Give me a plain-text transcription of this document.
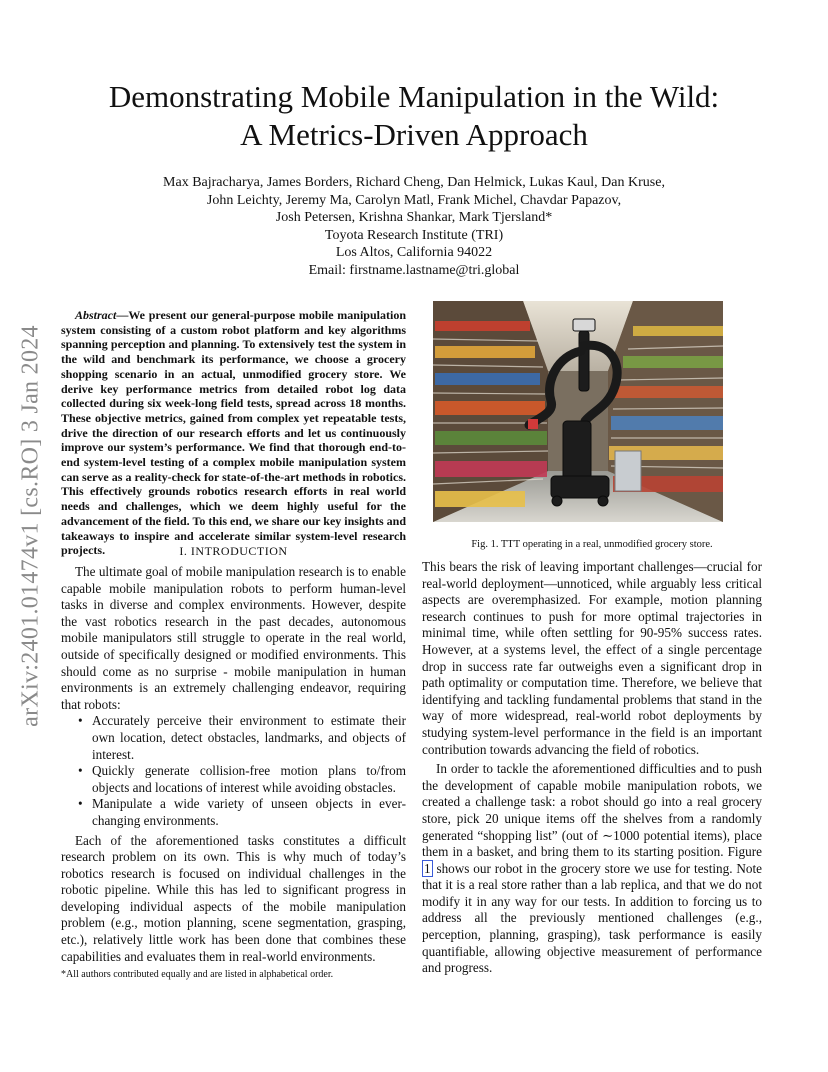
arXiv:2401.01474v1 [cs.RO] 3 Jan 2024
Demonstrating Mobile Manipulation in the Wild:
A Metrics-Driven Approach
Max Bajracharya, James Borders, Richard Cheng, Dan Helmick, Lukas Kaul, Dan Kruse,
John Leichty, Jeremy Ma, Carolyn Matl, Frank Michel, Chavdar Papazov,
Josh Petersen, Krishna Shankar, Mark Tjersland*
Toyota Research Institute (TRI)
Los Altos, California 94022
Email: firstname.lastname@tri.global
Abstract—We present our general-purpose mobile manipulation system consisting of a custom robot platform and key algorithms spanning perception and planning. To extensively test the system in the wild and benchmark its performance, we choose a grocery shopping scenario in an actual, unmodified grocery store. We derive key performance metrics from detailed robot log data collected during six week-long field tests, spread across 18 months. These objective metrics, gained from complex yet repeatable tests, drive the direction of our research efforts and let us continuously improve our system’s performance. We find that thorough end-to-end system-level testing of a complex mobile manipulation system can serve as a reality-check for state-of-the-art methods in robotics. This effectively grounds robotics research efforts in real world needs and challenges, which we deem highly useful for the advancement of the field. To this end, we share our key insights and takeaways to inspire and accelerate similar system-level research projects.	I. INTRODUCTION

The ultimate goal of mobile manipulation research is to enable capable mobile manipulation robots to perform human-level tasks in diverse and complex environments. However, despite the vast robotics research in the past decades, autonomous mobile manipulators still struggle to operate in the real world, outside of specifically designed or modified environments. This should come as no surprise - mobile manipulation in human environments is an extremely challenging endeavor, requiring that robots:

• Accurately perceive their environment to estimate their own location, detect obstacles, landmarks, and objects of interest.
• Quickly generate collision-free motion plans to/from objects and locations of interest while avoiding obstacles.
• Manipulate a wide variety of unseen objects in ever-changing environments.

Each of the aforementioned tasks constitutes a difficult research problem on its own. This is why much of today’s robotics research is focused on individual challenges in the robotic pipeline. While this has led to significant progress in developing individual aspects of the mobile manipulation problem (e.g., motion planning, scene segmentation, grasping, etc.), relatively little work has been done that combines these capabilities and evaluates them in real-world environments.

*All authors contributed equally and are listed in alphabetical order.
Fig. 1. TTT operating in a real, unmodified grocery store.

This bears the risk of leaving important challenges—crucial for real-world deployment—unnoticed, while arguably less critical aspects are overemphasized. For example, motion planning research continues to push for more optimal trajectories in minimal time, while often settling for 90-95% success rates. However, at a systems level, the effect of a single percentage drop in success rate far outweighs even a significant drop in path optimality or computation time. Therefore, we believe that identifying and tackling fundamental problems that stand in the way of more widespread, real-world robot deployments by studying system-level performance in the field is an important contribution towards advancing the field of robotics.

In order to tackle the aforementioned difficulties and to push the development of capable mobile manipulation robots, we created a challenge task: a robot should go into a real grocery store, pick 20 unique items off the shelves from a randomly generated “shopping list” (out of ∼1000 potential items), place them in a basket, and bring them to its starting position. Figure 1 shows our robot in the grocery store we use for testing. Note that it is a real store rather than a lab replica, and that we do not modify it in any way for our tests. In addition to forcing us to address all the previously mentioned challenges (e.g., perception, planning, grasping), task performance is easily quantifiable, allowing objective measurement of performance and progress.
